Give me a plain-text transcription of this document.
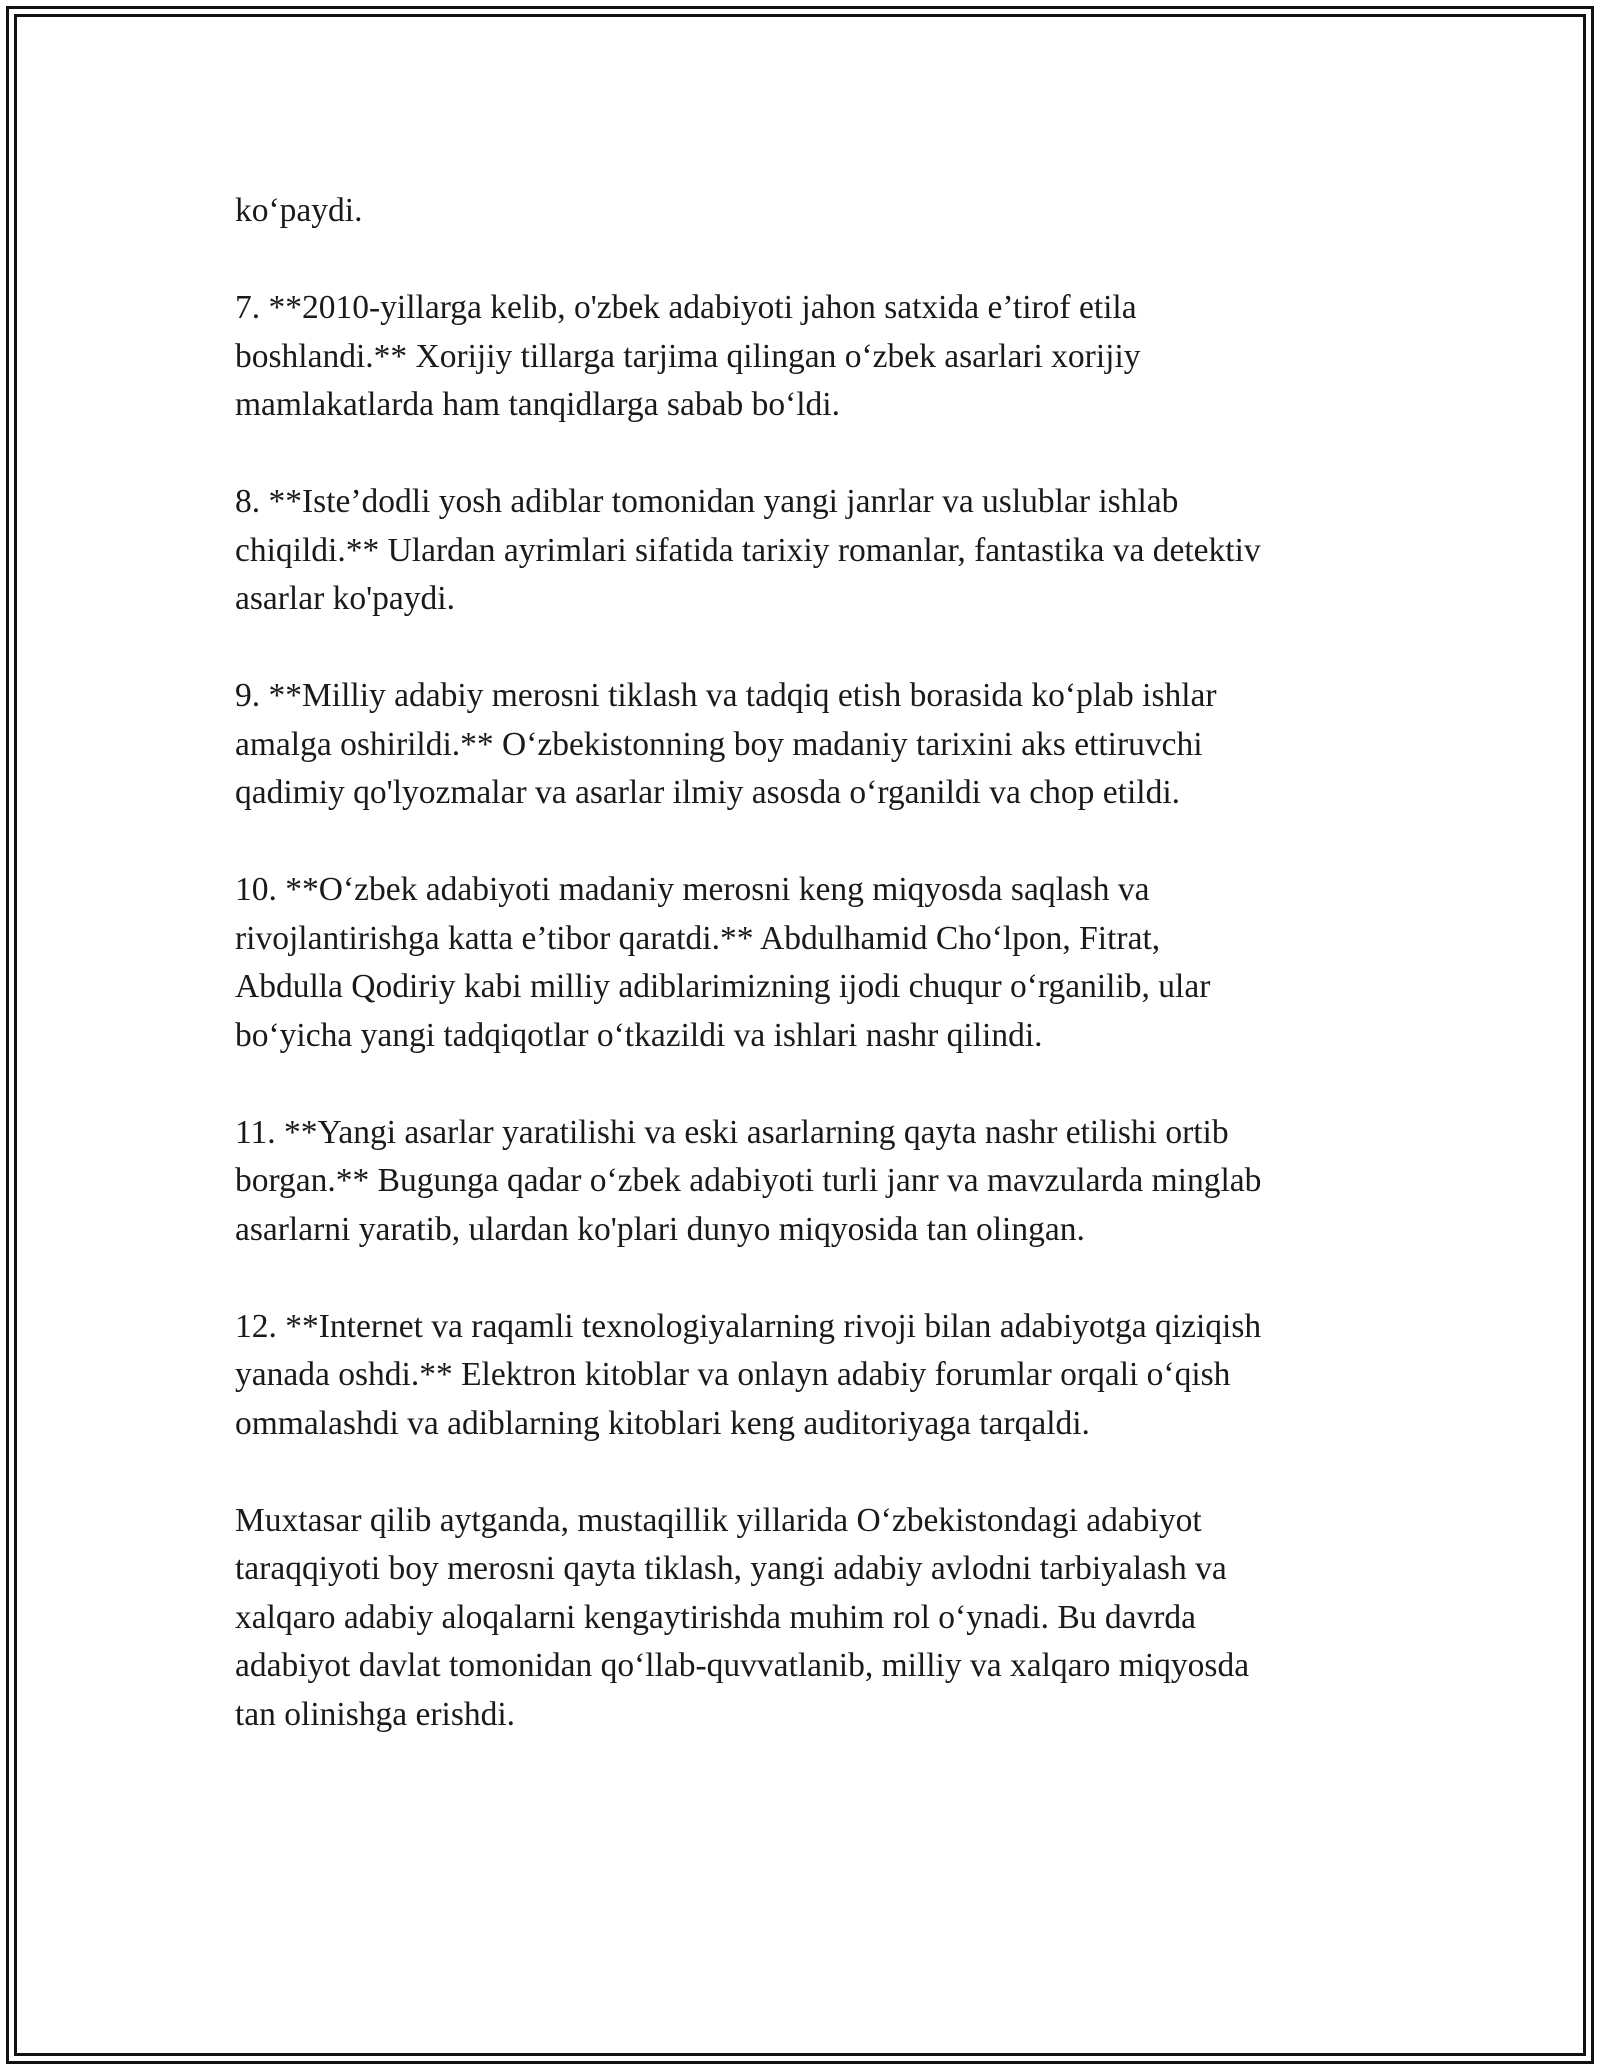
ko‘paydi.

7. **2010-yillarga kelib, o'zbek adabiyoti jahon satxida e’tirof etila
boshlandi.** Xorijiy tillarga tarjima qilingan o‘zbek asarlari xorijiy
mamlakatlarda ham tanqidlarga sabab bo‘ldi.

8. **Iste’dodli yosh adiblar tomonidan yangi janrlar va uslublar ishlab
chiqildi.** Ulardan ayrimlari sifatida tarixiy romanlar, fantastika va detektiv
asarlar ko'paydi.

9. **Milliy adabiy merosni tiklash va tadqiq etish borasida ko‘plab ishlar
amalga oshirildi.** O‘zbekistonning boy madaniy tarixini aks ettiruvchi
qadimiy qo'lyozmalar va asarlar ilmiy asosda o‘rganildi va chop etildi.

10. **O‘zbek adabiyoti madaniy merosni keng miqyosda saqlash va
rivojlantirishga katta e’tibor qaratdi.** Abdulhamid Cho‘lpon, Fitrat,
Abdulla Qodiriy kabi milliy adiblarimizning ijodi chuqur o‘rganilib, ular
bo‘yicha yangi tadqiqotlar o‘tkazildi va ishlari nashr qilindi.

11. **Yangi asarlar yaratilishi va eski asarlarning qayta nashr etilishi ortib
borgan.** Bugunga qadar o‘zbek adabiyoti turli janr va mavzularda minglab
asarlarni yaratib, ulardan ko'plari dunyo miqyosida tan olingan.

12. **Internet va raqamli texnologiyalarning rivoji bilan adabiyotga qiziqish
yanada oshdi.** Elektron kitoblar va onlayn adabiy forumlar orqali o‘qish
ommalashdi va adiblarning kitoblari keng auditoriyaga tarqaldi.

Muxtasar qilib aytganda, mustaqillik yillarida O‘zbekistondagi adabiyot
taraqqiyoti boy merosni qayta tiklash, yangi adabiy avlodni tarbiyalash va
xalqaro adabiy aloqalarni kengaytirishda muhim rol o‘ynadi. Bu davrda
adabiyot davlat tomonidan qo‘llab-quvvatlanib, milliy va xalqaro miqyosda
tan olinishga erishdi.
